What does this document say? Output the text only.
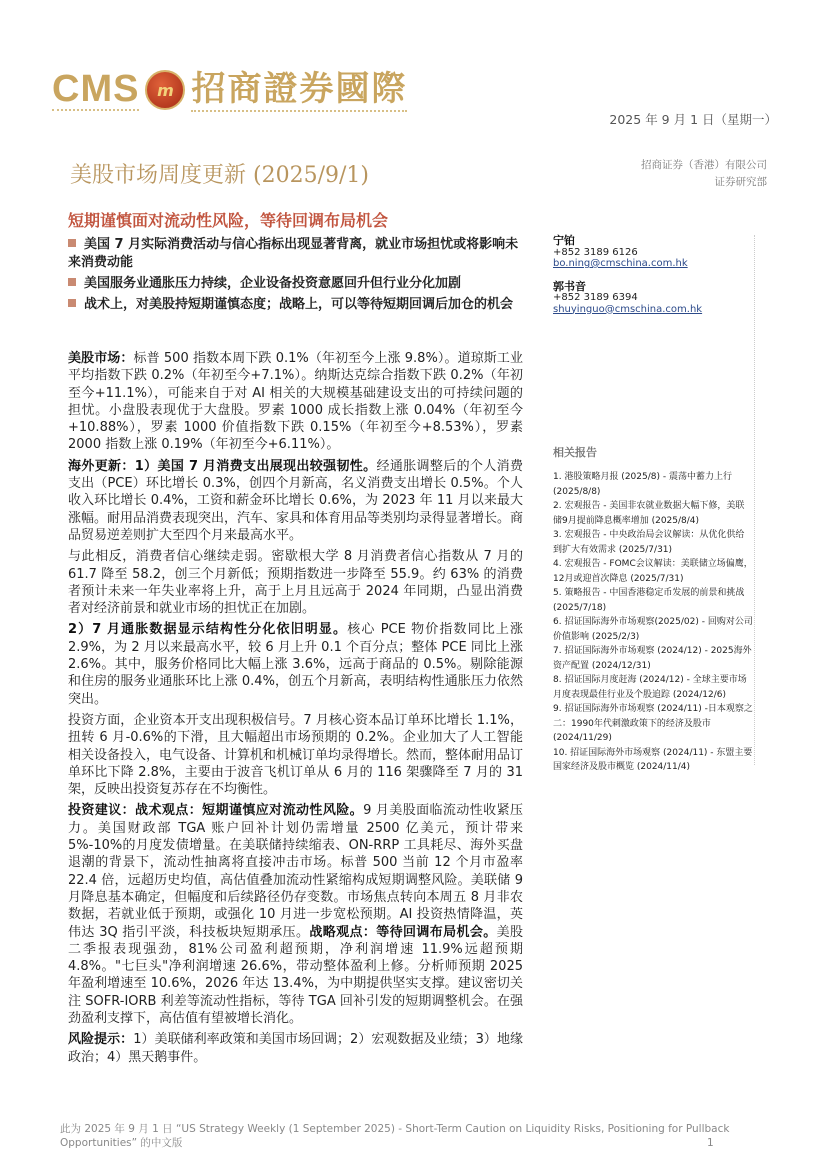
CMS	m 招商證券國際
2025 年 9 月 1 日（星期一）
美股市场周度更新 (2025/9/1)	招商证券（香港）有限公司
证券研究部
短期谨慎面对流动性风险，等待回调布局机会
美国 7 月实际消费活动与信心指标出现显著背离，就业市场担忧或将影响未来消费动能
美国服务业通胀压力持续，企业设备投资意愿回升但行业分化加剧
战术上，对美股持短期谨慎态度；战略上，可以等待短期回调后加仓的机会
宁铂
+852 3189 6126
bo.ning@cmschina.com.hk
郭书音
+852 3189 6394
shuyinguo@cmschina.com.hk
相关报告
1. 港股策略月报 (2025/8) - 震荡中蓄力上行 (2025/8/8)
2. 宏观报告 - 美国非农就业数据大幅下修，美联储9月提前降息概率增加 (2025/8/4)
3. 宏观报告 - 中央政治局会议解读：从优化供给到扩大有效需求 (2025/7/31)
4. 宏观报告 - FOMC会议解读：美联储立场偏鹰，12月或迎首次降息 (2025/7/31)
5. 策略报告 - 中国香港稳定币发展的前景和挑战 (2025/7/18)
6. 招证国际海外市场观察(2025/02) - 回购对公司价值影响 (2025/2/3)
7. 招证国际海外市场观察 (2024/12) - 2025海外资产配置 (2024/12/31)
8. 招证国际月度赶海 (2024/12) - 全球主要市场月度表现最佳行业及个股追踪 (2024/12/6)
9. 招证国际海外市场观察 (2024/11) -日本观察之二：1990年代刺激政策下的经济及股市 (2024/11/29)
10. 招证国际海外市场观察 (2024/11) - 东盟主要国家经济及股市概览 (2024/11/4)

美股市场：标普 500 指数本周下跌 0.1%（年初至今上涨 9.8%）。道琼斯工业平均指数下跌 0.2%（年初至今+7.1%）。纳斯达克综合指数下跌 0.2%（年初至今+11.1%），可能来自于对 AI 相关的大规模基础建设支出的可持续问题的担忧。小盘股表现优于大盘股。罗素 1000 成长指数上涨 0.04%（年初至今+10.88%），罗素 1000 价值指数下跌 0.15%（年初至今+8.53%），罗素 2000 指数上涨 0.19%（年初至今+6.11%）。

海外更新：1）美国 7 月消费支出展现出较强韧性。经通胀调整后的个人消费支出（PCE）环比增长 0.3%，创四个月新高，名义消费支出增长 0.5%。个人收入环比增长 0.4%，工资和薪金环比增长 0.6%，为 2023 年 11 月以来最大涨幅。耐用品消费表现突出，汽车、家具和体育用品等类别均录得显著增长。商品贸易逆差则扩大至四个月来最高水平。

与此相反，消费者信心继续走弱。密歇根大学 8 月消费者信心指数从 7 月的 61.7 降至 58.2，创三个月新低；预期指数进一步降至 55.9。约 63% 的消费者预计未来一年失业率将上升，高于上月且远高于 2024 年同期，凸显出消费者对经济前景和就业市场的担忧正在加剧。

2）7 月通胀数据显示结构性分化依旧明显。核心 PCE 物价指数同比上涨 2.9%，为 2 月以来最高水平，较 6 月上升 0.1 个百分点；整体 PCE 同比上涨 2.6%。其中，服务价格同比大幅上涨 3.6%，远高于商品的 0.5%。剔除能源和住房的服务业通胀环比上涨 0.4%，创五个月新高，表明结构性通胀压力依然突出。

投资方面，企业资本开支出现积极信号。7 月核心资本品订单环比增长 1.1%，扭转 6 月-0.6%的下滑，且大幅超出市场预期的 0.2%。企业加大了人工智能相关设备投入，电气设备、计算机和机械订单均录得增长。然而，整体耐用品订单环比下降 2.8%，主要由于波音飞机订单从 6 月的 116 架骤降至 7 月的 31 架，反映出投资复苏存在不均衡性。

投资建议：战术观点：短期谨慎应对流动性风险。9 月美股面临流动性收紧压力。美国财政部 TGA 账户回补计划仍需增量 2500 亿美元，预计带来 5%-10%的月度发债增量。在美联储持续缩表、ON-RRP 工具耗尽、海外买盘退潮的背景下，流动性抽离将直接冲击市场。标普 500 当前 12 个月市盈率 22.4 倍，远超历史均值，高估值叠加流动性紧缩构成短期调整风险。美联储 9 月降息基本确定，但幅度和后续路径仍存变数。市场焦点转向本周五 8 月非农数据，若就业低于预期，或强化 10 月进一步宽松预期。AI 投资热情降温，英伟达 3Q 指引平淡，科技板块短期承压。战略观点：等待回调布局机会。美股二季报表现强劲，81%公司盈利超预期，净利润增速 11.9%远超预期4.8%。"七巨头"净利润增速 26.6%，带动整体盈利上修。分析师预期 2025 年盈利增速至 10.6%，2026 年达 13.4%，为中期提供坚实支撑。建议密切关注 SOFR-IORB 利差等流动性指标，等待 TGA 回补引发的短期调整机会。在强劲盈利支撑下，高估值有望被增长消化。

风险提示：1）美联储利率政策和美国市场回调；2）宏观数据及业绩；3）地缘政治；4）黑天鹅事件。

此为 2025 年 9 月 1 日 “US Strategy Weekly (1 September 2025) - Short-Term Caution on Liquidity Risks, Positioning for Pullback Opportunities” 的中文版	1
